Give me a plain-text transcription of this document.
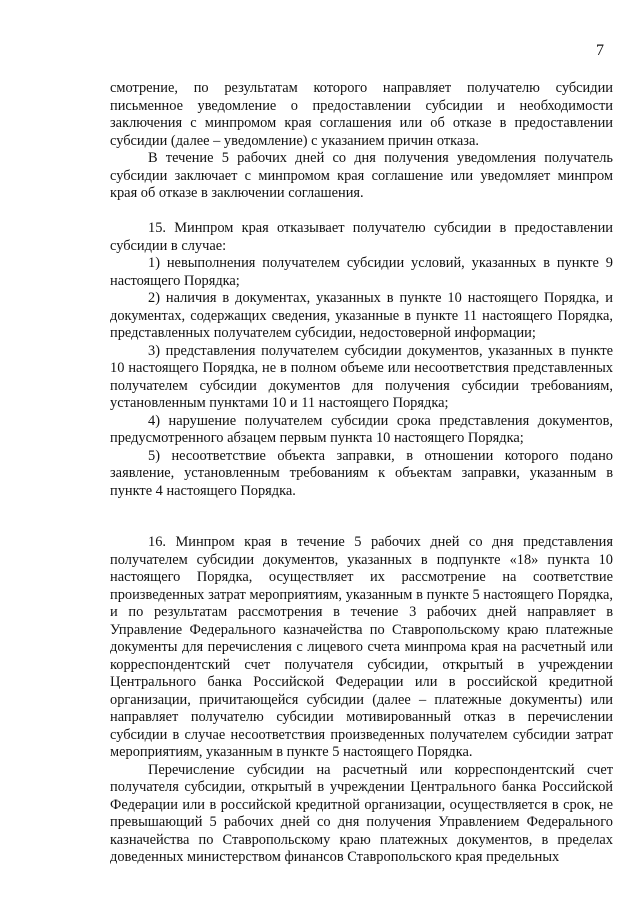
7

смотрение, по результатам которого направляет получателю субсидии письменное уведомление о предоставлении субсидии и необходимости заключения с минпромом края соглашения или об отказе в предоставлении субсидии (далее – уведомление) с указанием причин отказа.

В течение 5 рабочих дней со дня получения уведомления получатель субсидии заключает с минпромом края соглашение или уведомляет минпром края об отказе в заключении соглашения.

15. Минпром края отказывает получателю субсидии в предоставлении субсидии в случае:

1) невыполнения получателем субсидии условий, указанных в пункте 9 настоящего Порядка;

2) наличия в документах, указанных в пункте 10 настоящего Порядка, и документах, содержащих сведения, указанные в пункте 11 настоящего Порядка, представленных получателем субсидии, недостоверной информации;

3) представления получателем субсидии документов, указанных в пункте 10 настоящего Порядка, не в полном объеме или несоответствия представленных получателем субсидии документов для получения субсидии требованиям, установленным пунктами 10 и 11 настоящего Порядка;

4) нарушение получателем субсидии срока представления документов, предусмотренного абзацем первым пункта 10 настоящего Порядка;

5) несоответствие объекта заправки, в отношении которого подано заявление, установленным требованиям к объектам заправки, указанным в пункте 4 настоящего Порядка.

16. Минпром края в течение 5 рабочих дней со дня представления получателем субсидии документов, указанных в подпункте «18» пункта 10 настоящего Порядка, осуществляет их рассмотрение на соответствие произведенных затрат мероприятиям, указанным в пункте 5 настоящего Порядка, и по результатам рассмотрения в течение 3 рабочих дней направляет в Управление Федерального казначейства по Ставропольскому краю платежные документы для перечисления с лицевого счета минпрома края на расчетный или корреспондентский счет получателя субсидии, открытый в учреждении Центрального банка Российской Федерации или в российской кредитной организации, причитающейся субсидии (далее – платежные документы) или направляет получателю субсидии мотивированный отказ в перечислении субсидии в случае несоответствия произведенных получателем субсидии затрат мероприятиям, указанным в пункте 5 настоящего Порядка.

Перечисление субсидии на расчетный или корреспондентский счет получателя субсидии, открытый в учреждении Центрального банка Российской Федерации или в российской кредитной организации, осуществляется в срок, не превышающий 5 рабочих дней со дня получения Управлением Федерального казначейства по Ставропольскому краю платежных документов, в пределах доведенных министерством финансов Ставропольского края предельных
